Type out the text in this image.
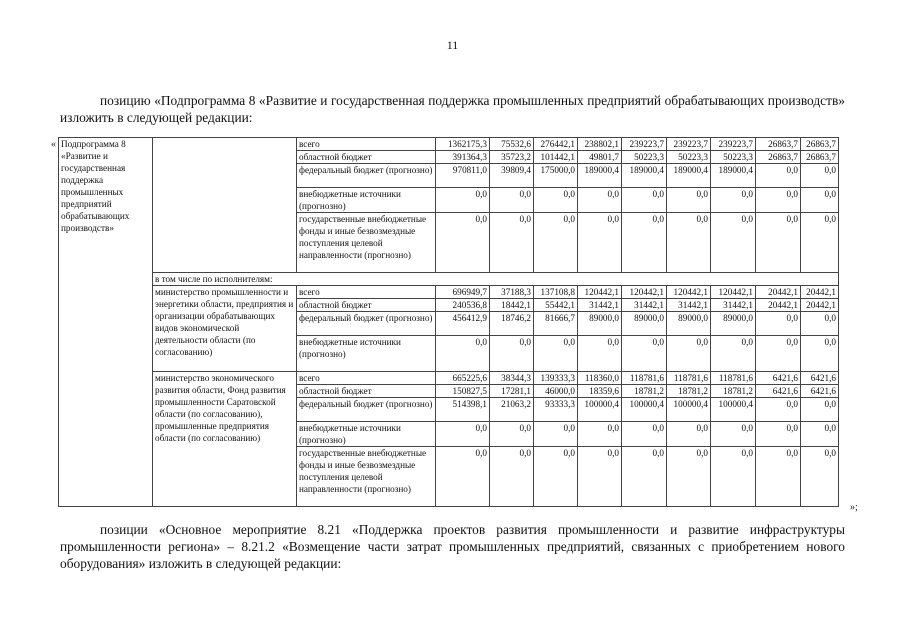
11
позицию «Подпрограмма 8 «Развитие и государственная поддержка промышленных предприятий обрабатывающих производств» изложить в следующей редакции:
« Подпрограмма 8 «Развитие и государственная поддержка промышленных предприятий обрабатывающих производств»		всего	1362175,3	75532,6	276442,1	238802,1	239223,7	239223,7	239223,7	26863,7	26863,7
		областной бюджет	391364,3	35723,2	101442,1	49801,7	50223,3	50223,3	50223,3	26863,7	26863,7
		федеральный бюджет (прогнозно)	970811,0	39809,4	175000,0	189000,4	189000,4	189000,4	189000,4	0,0	0,0
		внебюджетные источники (прогнозно)	0,0	0,0	0,0	0,0	0,0	0,0	0,0	0,0	0,0
		государственные внебюджетные фонды и иные безвозмездные поступления целевой направленности (прогнозно)	0,0	0,0	0,0	0,0	0,0	0,0	0,0	0,0	0,0
	в том числе по исполнителям:										
	министерство промышленности и энергетики области, предприятия и организации обрабатывающих видов экономической деятельности области (по согласованию)	всего	696949,7	37188,3	137108,8	120442,1	120442,1	120442,1	120442,1	20442,1	20442,1
		областной бюджет	240536,8	18442,1	55442,1	31442,1	31442,1	31442,1	31442,1	20442,1	20442,1
		федеральный бюджет (прогнозно)	456412,9	18746,2	81666,7	89000,0	89000,0	89000,0	89000,0	0,0	0,0
		внебюджетные источники (прогнозно)	0,0	0,0	0,0	0,0	0,0	0,0	0,0	0,0	0,0
	министерство экономического развития области, Фонд развития промышленности Саратовской области (по согласованию), промышленные предприятия области (по согласованию)	всего	665225,6	38344,3	139333,3	118360,0	118781,6	118781,6	118781,6	6421,6	6421,6
		областной бюджет	150827,5	17281,1	46000,0	18359,6	18781,2	18781,2	18781,2	6421,6	6421,6
		федеральный бюджет (прогнозно)	514398,1	21063,2	93333,3	100000,4	100000,4	100000,4	100000,4	0,0	0,0
		внебюджетные источники (прогнозно)	0,0	0,0	0,0	0,0	0,0	0,0	0,0	0,0	0,0
		государственные внебюджетные фонды и иные безвозмездные поступления целевой направленности (прогнозно)	0,0	0,0	0,0	0,0	0,0	0,0	0,0	0,0	0,0
»;
позиции «Основное мероприятие 8.21 «Поддержка проектов развития промышленности и развитие инфраструктуры промышленности региона» – 8.21.2 «Возмещение части затрат промышленных предприятий, связанных с приобретением нового оборудования» изложить в следующей редакции:
